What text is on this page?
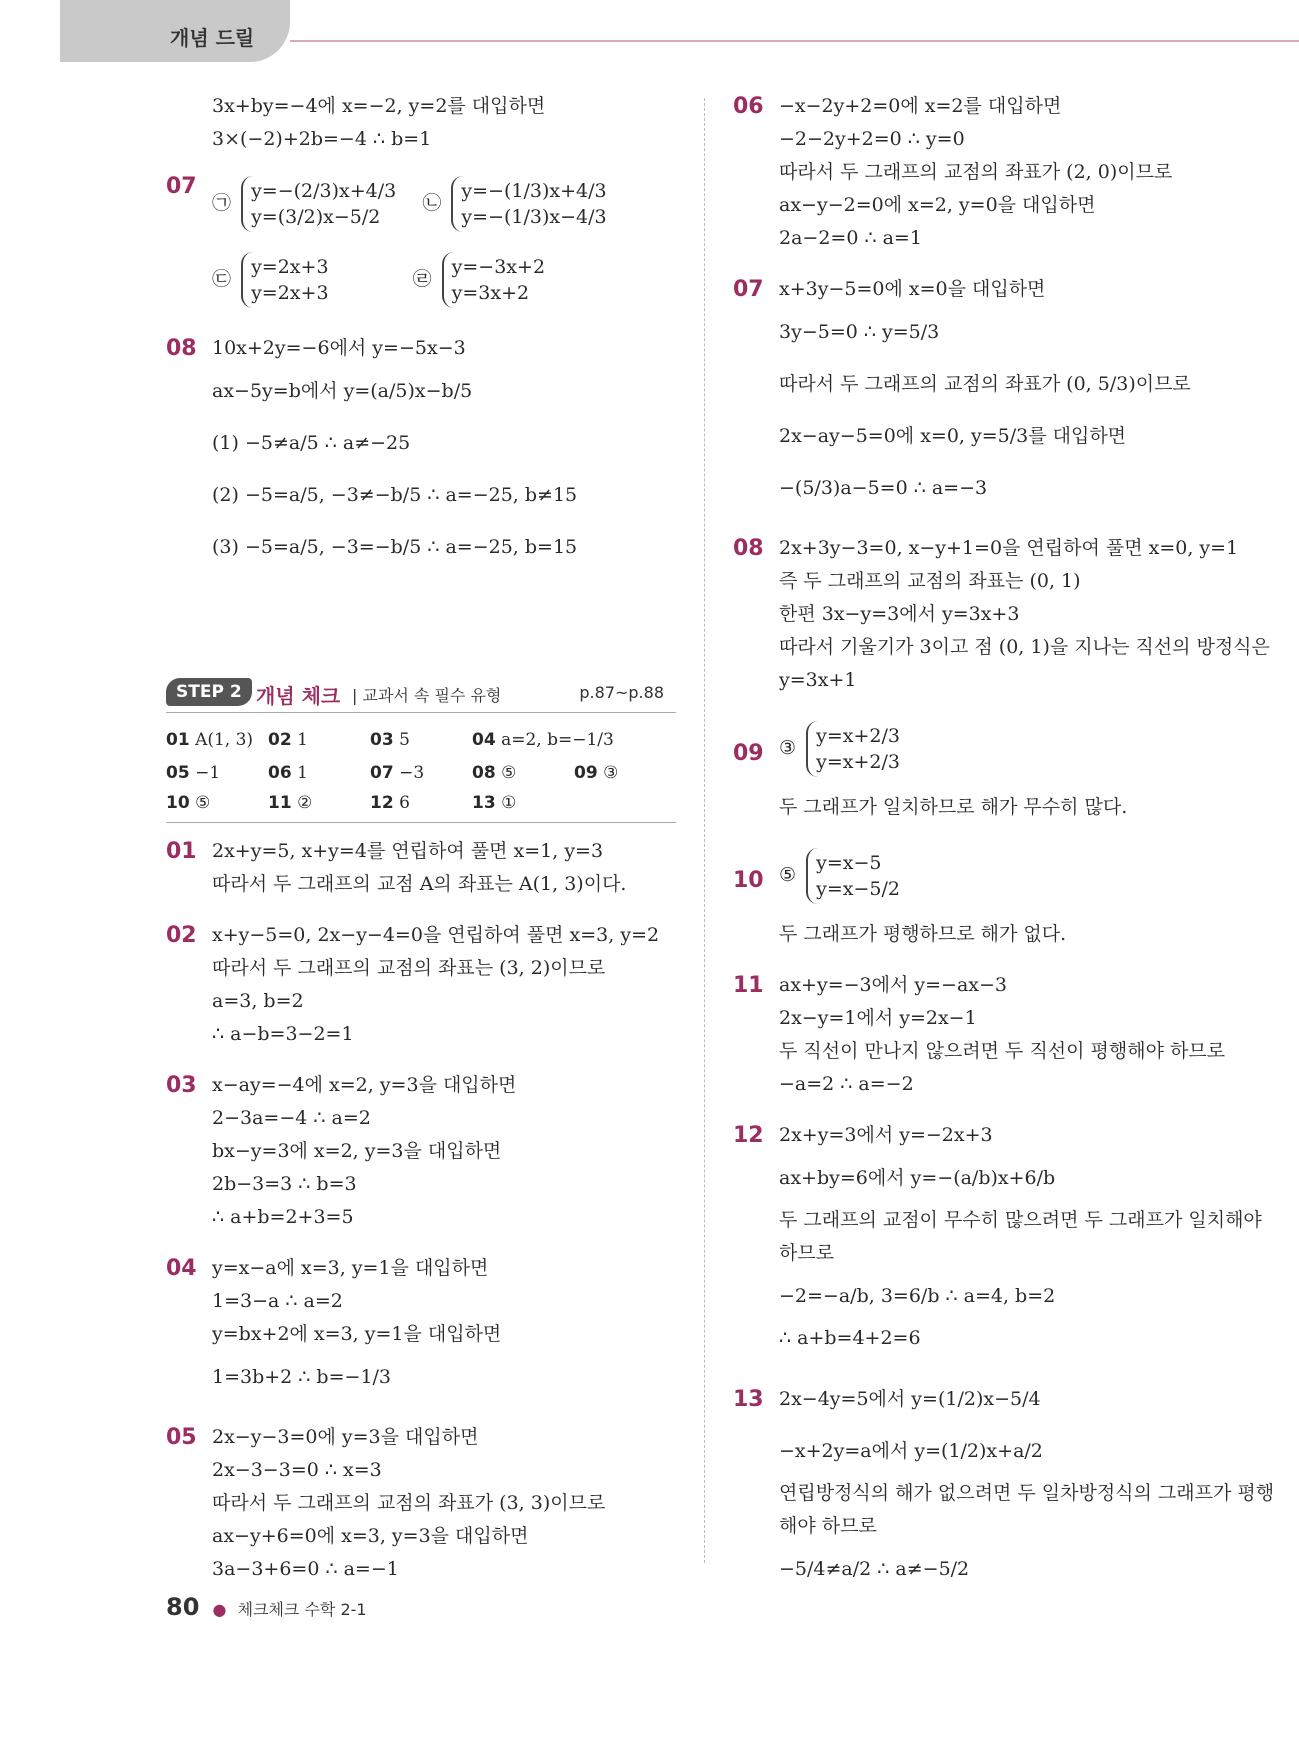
개념 드릴
3x+by=−4에 x=−2, y=2를 대입하면
3×(−2)+2b=−4 ∴ b=1
07
㉠
y=−(2/3)x+4/3
y=(3/2)x−5/2
㉡
y=−(1/3)x+4/3
y=−(1/3)x−4/3
㉢
y=2x+3
y=2x+3
㉣
y=−3x+2
y=3x+2
08 10x+2y=−6에서 y=−5x−3
ax−5y=b에서 y=(a/5)x−b/5
(1) −5≠a/5 ∴ a≠−25
(2) −5=a/5, −3≠−b/5 ∴ a=−25, b≠15
(3) −5=a/5, −3=−b/5 ∴ a=−25, b=15
STEP 2 개념 체크 | 교과서 속 필수 유형	p.87~p.88
01 A(1, 3) 02 1	03 5	04 a=2, b=−1/3
05 −1	06 1	07 −3	08 ⑤	09 ③
10 ⑤	11 ②	12 6	13 ①
01 2x+y=5, x+y=4를 연립하여 풀면 x=1, y=3
따라서 두 그래프의 교점 A의 좌표는 A(1, 3)이다.
02 x+y−5=0, 2x−y−4=0을 연립하여 풀면 x=3, y=2
따라서 두 그래프의 교점의 좌표는 (3, 2)이므로
a=3, b=2
∴ a−b=3−2=1
03 x−ay=−4에 x=2, y=3을 대입하면
2−3a=−4 ∴ a=2
bx−y=3에 x=2, y=3을 대입하면
2b−3=3 ∴ b=3
∴ a+b=2+3=5
04 y=x−a에 x=3, y=1을 대입하면
1=3−a ∴ a=2
y=bx+2에 x=3, y=1을 대입하면
1=3b+2 ∴ b=−1/3
05 2x−y−3=0에 y=3을 대입하면
2x−3−3=0 ∴ x=3
따라서 두 그래프의 교점의 좌표가 (3, 3)이므로
ax−y+6=0에 x=3, y=3을 대입하면
3a−3+6=0 ∴ a=−1
06 −x−2y+2=0에 x=2를 대입하면
−2−2y+2=0 ∴ y=0
따라서 두 그래프의 교점의 좌표가 (2, 0)이므로
ax−y−2=0에 x=2, y=0을 대입하면
2a−2=0 ∴ a=1
07 x+3y−5=0에 x=0을 대입하면
3y−5=0 ∴ y=5/3
따라서 두 그래프의 교점의 좌표가 (0, 5/3)이므로
2x−ay−5=0에 x=0, y=5/3를 대입하면
−(5/3)a−5=0 ∴ a=−3
08 2x+3y−3=0, x−y+1=0을 연립하여 풀면 x=0, y=1
즉 두 그래프의 교점의 좌표는 (0, 1)
한편 3x−y=3에서 y=3x+3
따라서 기울기가 3이고 점 (0, 1)을 지나는 직선의 방정식은
y=3x+1
09 ③
y=x+2/3
y=x+2/3
두 그래프가 일치하므로 해가 무수히 많다.
10 ⑤
y=x−5
y=x−5/2
두 그래프가 평행하므로 해가 없다.
11 ax+y=−3에서 y=−ax−3
2x−y=1에서 y=2x−1
두 직선이 만나지 않으려면 두 직선이 평행해야 하므로
−a=2 ∴ a=−2
12 2x+y=3에서 y=−2x+3
ax+by=6에서 y=−(a/b)x+6/b
두 그래프의 교점이 무수히 많으려면 두 그래프가 일치해야
하므로
−2=−a/b, 3=6/b ∴ a=4, b=2
∴ a+b=4+2=6
13 2x−4y=5에서 y=(1/2)x−5/4
−x+2y=a에서 y=(1/2)x+a/2
연립방정식의 해가 없으려면 두 일차방정식의 그래프가 평행
해야 하므로
−5/4≠a/2 ∴ a≠−5/2
80 ● 체크체크 수학 2-1
